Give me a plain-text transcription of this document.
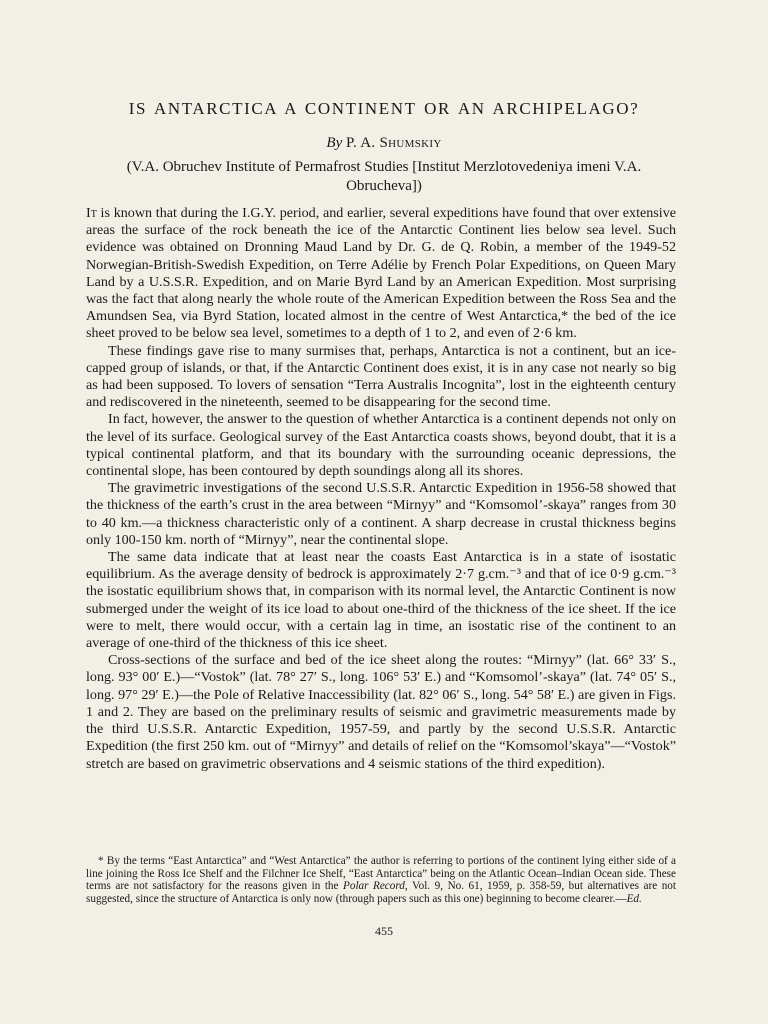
IS ANTARCTICA A CONTINENT OR AN ARCHIPELAGO?
By P. A. Shumskiy
(V.A. Obruchev Institute of Permafrost Studies [Institut Merzlotovedeniya imeni V.A. Obrucheva])

It is known that during the I.G.Y. period, and earlier, several expeditions have found that over extensive areas the surface of the rock beneath the ice of the Antarctic Continent lies below sea level. Such evidence was obtained on Dronning Maud Land by Dr. G. de Q. Robin, a member of the 1949-52 Norwegian-British-Swedish Expedition, on Terre Adélie by French Polar Expeditions, on Queen Mary Land by a U.S.S.R. Expedition, and on Marie Byrd Land by an American Expedition. Most surprising was the fact that along nearly the whole route of the American Expedition between the Ross Sea and the Amundsen Sea, via Byrd Station, located almost in the centre of West Antarctica,* the bed of the ice sheet proved to be below sea level, sometimes to a depth of 1 to 2, and even of 2·6 km.

These findings gave rise to many surmises that, perhaps, Antarctica is not a continent, but an ice-capped group of islands, or that, if the Antarctic Continent does exist, it is in any case not nearly so big as had been supposed. To lovers of sensation “Terra Australis Incognita”, lost in the eighteenth century and rediscovered in the nineteenth, seemed to be disappearing for the second time.

In fact, however, the answer to the question of whether Antarctica is a continent depends not only on the level of its surface. Geological survey of the East Antarctica coasts shows, beyond doubt, that it is a typical continental platform, and that its boundary with the surrounding oceanic depressions, the continental slope, has been contoured by depth soundings along all its shores.

The gravimetric investigations of the second U.S.S.R. Antarctic Expedition in 1956-58 showed that the thickness of the earth’s crust in the area between “Mirnyy” and “Komsomol’-skaya” ranges from 30 to 40 km.—a thickness characteristic only of a continent. A sharp decrease in crustal thickness begins only 100-150 km. north of “Mirnyy”, near the continental slope.

The same data indicate that at least near the coasts East Antarctica is in a state of isostatic equilibrium. As the average density of bedrock is approximately 2·7 g.cm.⁻³ and that of ice 0·9 g.cm.⁻³ the isostatic equilibrium shows that, in comparison with its normal level, the Antarctic Continent is now submerged under the weight of its ice load to about one-third of the thickness of the ice sheet. If the ice were to melt, there would occur, with a certain lag in time, an isostatic rise of the continent to an average of one-third of the thickness of this ice sheet.

Cross-sections of the surface and bed of the ice sheet along the routes: “Mirnyy” (lat. 66° 33′ S., long. 93° 00′ E.)—“Vostok” (lat. 78° 27′ S., long. 106° 53′ E.) and “Komsomol’-skaya” (lat. 74° 05′ S., long. 97° 29′ E.)—the Pole of Relative Inaccessibility (lat. 82° 06′ S., long. 54° 58′ E.) are given in Figs. 1 and 2. They are based on the preliminary results of seismic and gravimetric measurements made by the third U.S.S.R. Antarctic Expedition, 1957-59, and partly by the second U.S.S.R. Antarctic Expedition (the first 250 km. out of “Mirnyy” and details of relief on the “Komsomol’skaya”—“Vostok” stretch are based on gravimetric observations and 4 seismic stations of the third expedition).

* By the terms “East Antarctica” and “West Antarctica” the author is referring to portions of the continent lying either side of a line joining the Ross Ice Shelf and the Filchner Ice Shelf, “East Antarctica” being on the Atlantic Ocean–Indian Ocean side. These terms are not satisfactory for the reasons given in the Polar Record, Vol. 9, No. 61, 1959, p. 358-59, but alternatives are not suggested, since the structure of Antarctica is only now (through papers such as this one) beginning to become clearer.—Ed.

455
